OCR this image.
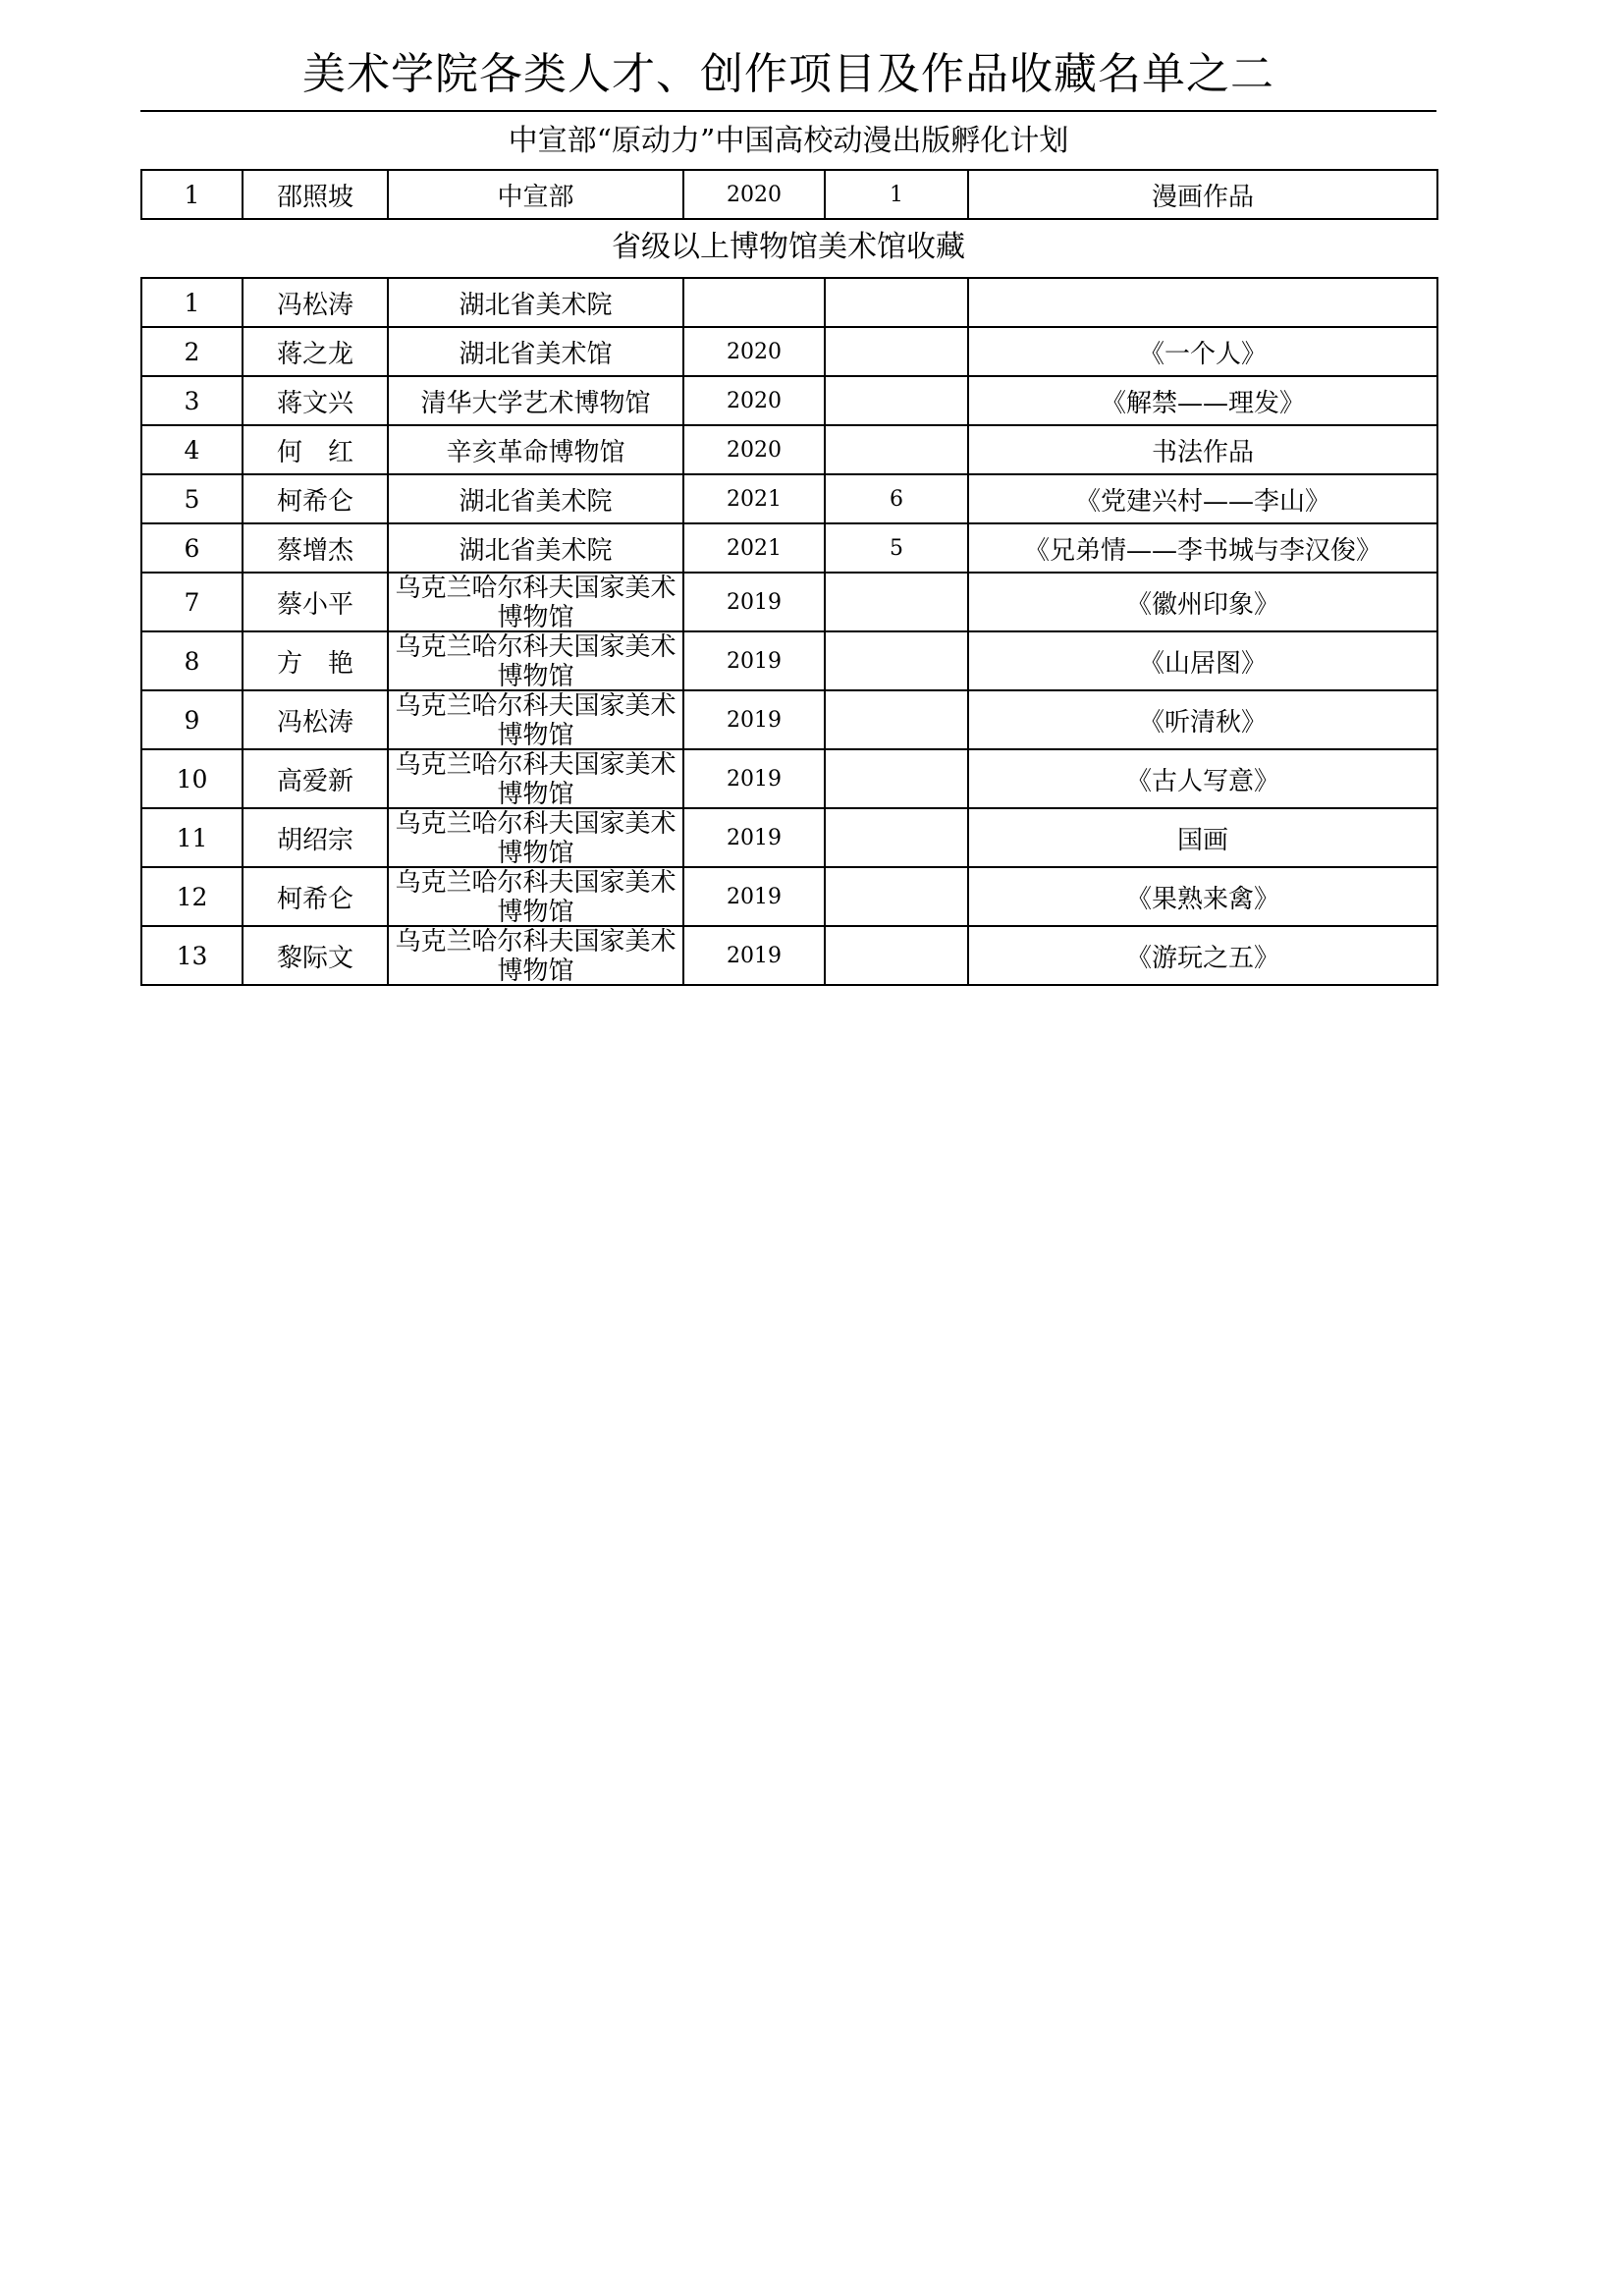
美术学院各类人才、创作项目及作品收藏名单之二
中宣部“原动力”中国高校动漫出版孵化计划
1	邵照坡	中宣部	2020	1	漫画作品
省级以上博物馆美术馆收藏
1	冯松涛	湖北省美术院			
2	蒋之龙	湖北省美术馆	2020		《一个人》
3	蒋文兴	清华大学艺术博物馆	2020		《解禁——理发》
4	何　红	辛亥革命博物馆	2020		书法作品
5	柯希仑	湖北省美术院	2021	6	《党建兴村——李山》
6	蔡增杰	湖北省美术院	2021	5	《兄弟情——李书城与李汉俊》
7	蔡小平	乌克兰哈尔科夫国家美术博物馆	2019		《徽州印象》
8	方　艳	乌克兰哈尔科夫国家美术博物馆	2019		《山居图》
9	冯松涛	乌克兰哈尔科夫国家美术博物馆	2019		《听清秋》
10	高爱新	乌克兰哈尔科夫国家美术博物馆	2019		《古人写意》
11	胡绍宗	乌克兰哈尔科夫国家美术博物馆	2019		国画
12	柯希仑	乌克兰哈尔科夫国家美术博物馆	2019		《果熟来禽》
13	黎际文	乌克兰哈尔科夫国家美术博物馆	2019		《游玩之五》
